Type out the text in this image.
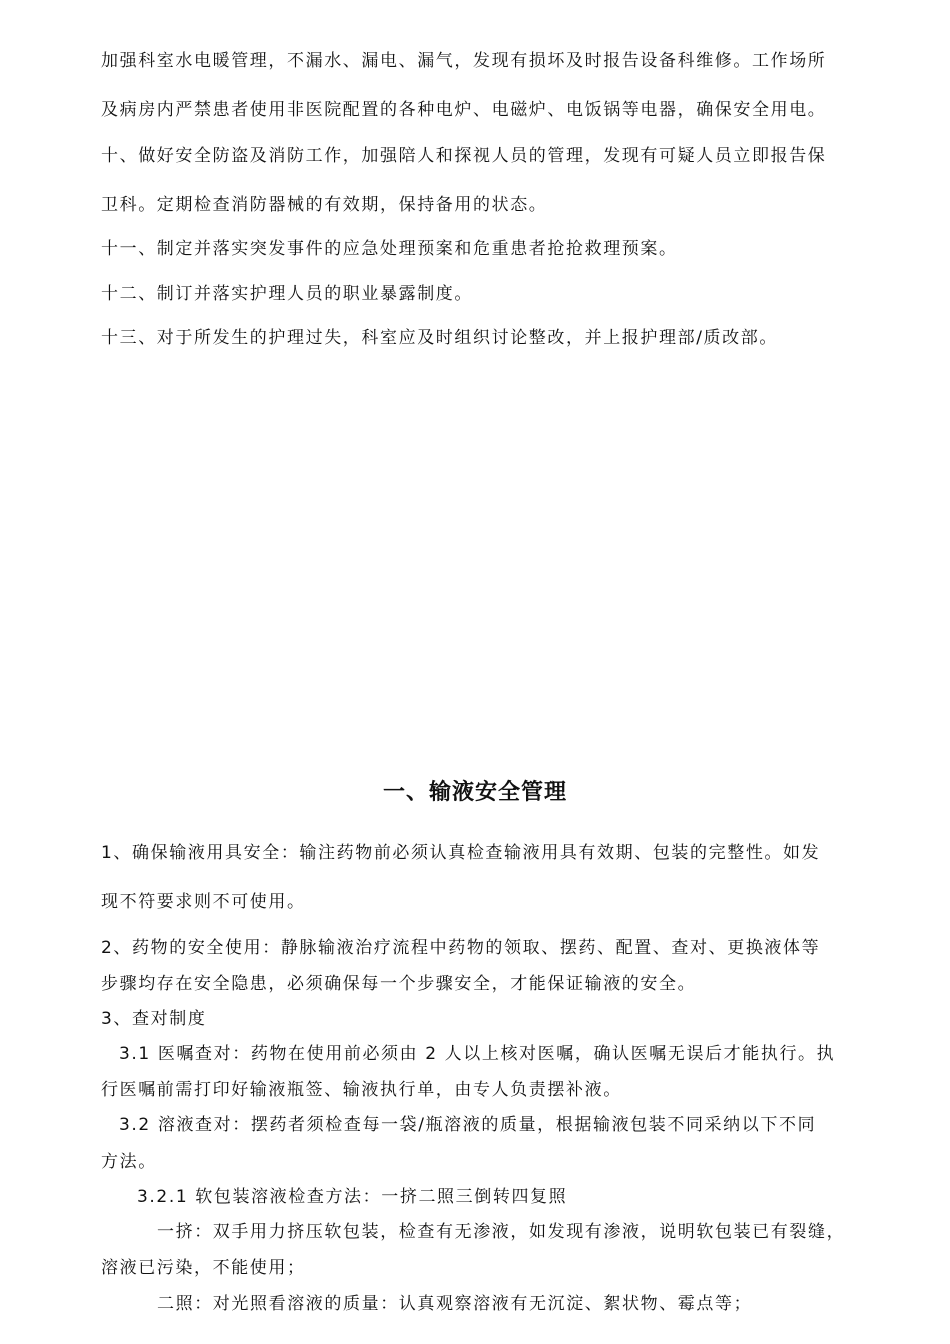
加强科室水电暖管理，不漏水、漏电、漏气，发现有损坏及时报告设备科维修。工作场所
及病房内严禁患者使用非医院配置的各种电炉、电磁炉、电饭锅等电器，确保安全用电。
十、做好安全防盗及消防工作，加强陪人和探视人员的管理，发现有可疑人员立即报告保
卫科。定期检查消防器械的有效期，保持备用的状态。
十一、制定并落实突发事件的应急处理预案和危重患者抢抢救理预案。
十二、制订并落实护理人员的职业暴露制度。
十三、对于所发生的护理过失，科室应及时组织讨论整改，并上报护理部/质改部。
一、输液安全管理
1、确保输液用具安全：输注药物前必须认真检查输液用具有效期、包装的完整性。如发
现不符要求则不可使用。
2、药物的安全使用：静脉输液治疗流程中药物的领取、摆药、配置、查对、更换液体等
步骤均存在安全隐患，必须确保每一个步骤安全，才能保证输液的安全。
3、查对制度
3.1 医嘱查对：药物在使用前必须由 2 人以上核对医嘱，确认医嘱无误后才能执行。执
行医嘱前需打印好输液瓶签、输液执行单，由专人负责摆补液。
3.2 溶液查对：摆药者须检查每一袋/瓶溶液的质量，根据输液包装不同采纳以下不同
方法。
3.2.1 软包装溶液检查方法：一挤二照三倒转四复照
一挤：双手用力挤压软包装，检查有无渗液，如发现有渗液，说明软包装已有裂缝，
溶液已污染，不能使用；
二照：对光照看溶液的质量：认真观察溶液有无沉淀、絮状物、霉点等；
